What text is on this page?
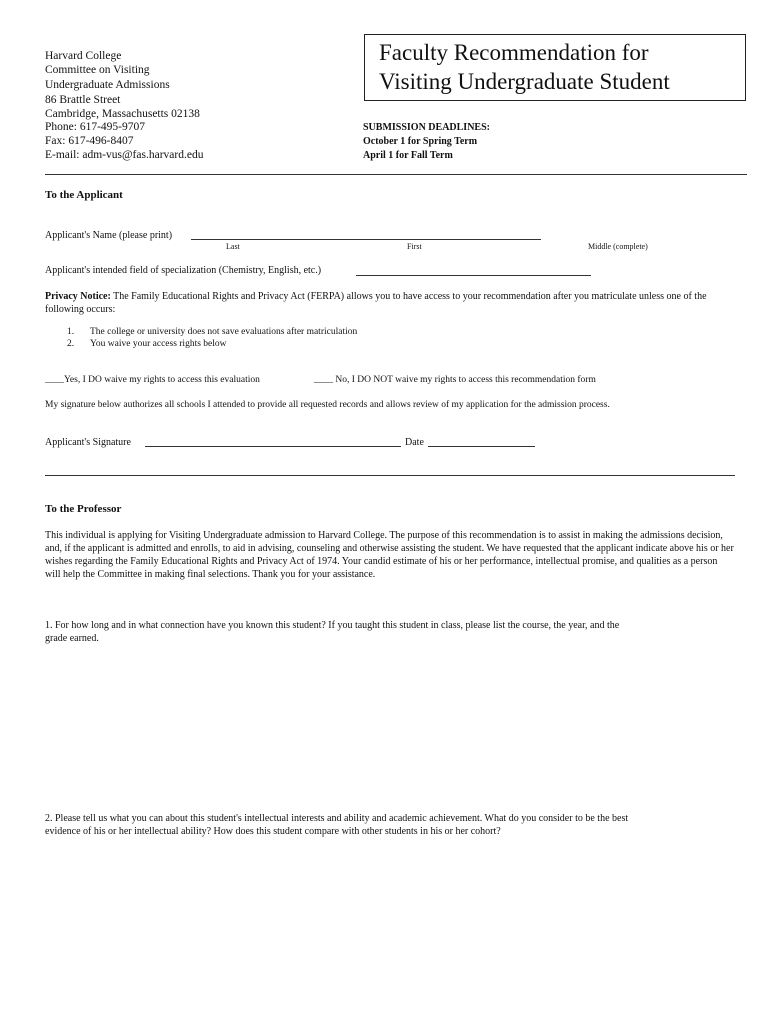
Harvard College
Committee on Visiting
Undergraduate Admissions
86 Brattle Street
Cambridge, Massachusetts 02138
Phone: 617-495-9707
Fax: 617-496-8407
E-mail: adm-vus@fas.harvard.edu
Faculty Recommendation for
Visiting Undergraduate Student
SUBMISSION DEADLINES:
October 1 for Spring Term
April 1 for Fall Term
To the Applicant
Applicant's Name (please print)
Last	First	Middle (complete)
Applicant's intended field of specialization (Chemistry, English, etc.)
Privacy Notice: The Family Educational Rights and Privacy Act (FERPA) allows you to have access to your recommendation after you matriculate unless one of the following occurs:
1. The college or university does not save evaluations after matriculation
2. You waive your access rights below
____Yes, I DO waive my rights to access this evaluation	____ No, I DO NOT waive my rights to access this recommendation form
My signature below authorizes all schools I attended to provide all requested records and allows review of my application for the admission process.
Applicant's Signature	Date
To the Professor
This individual is applying for Visiting Undergraduate admission to Harvard College. The purpose of this recommendation is to assist in making the admissions decision, and, if the applicant is admitted and enrolls, to aid in advising, counseling and otherwise assisting the student. We have requested that the applicant indicate above his or her wishes regarding the Family Educational Rights and Privacy Act of 1974. Your candid estimate of his or her performance, intellectual promise, and qualities as a person will help the Committee in making final selections. Thank you for your assistance.
1. For how long and in what connection have you known this student? If you taught this student in class, please list the course, the year, and the
grade earned.
2. Please tell us what you can about this student's intellectual interests and ability and academic achievement. What do you consider to be the best
evidence of his or her intellectual ability? How does this student compare with other students in his or her cohort?
